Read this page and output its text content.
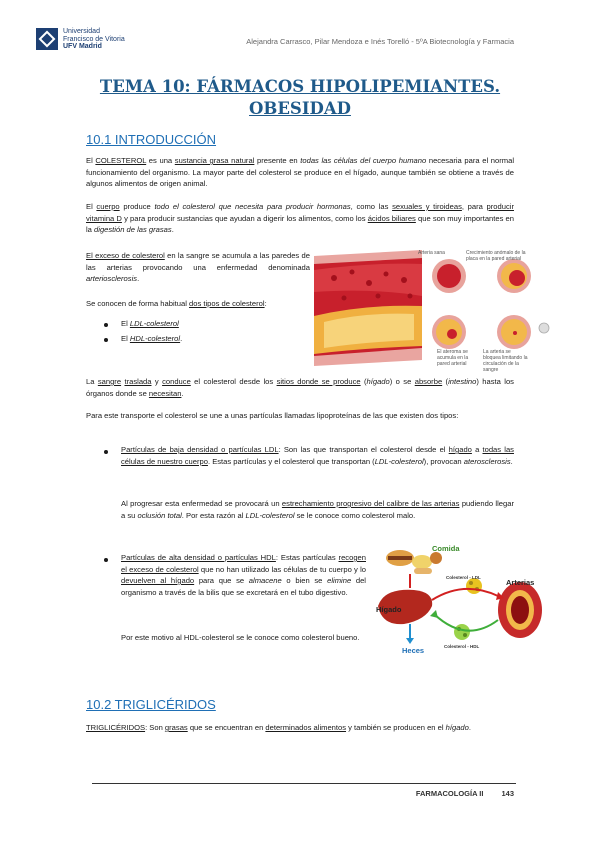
Universidad
Francisco de Vitoria
UFV Madrid
Alejandra Carrasco, Pilar Mendoza e Inés Torelló - 5ºA Biotecnología y Farmacia
TEMA 10: FÁRMACOS HIPOLIPEMIANTES.
OBESIDAD
10.1 INTRODUCCIÓN
El COLESTEROL es una sustancia grasa natural presente en todas las células del cuerpo humano necesaria para el normal funcionamiento del organismo. La mayor parte del colesterol se produce en el hígado, aunque también se obtiene a través de algunos alimentos de origen animal.
El cuerpo produce todo el colesterol que necesita para producir hormonas, como las sexuales y tiroideas, para producir vitamina D y para producir sustancias que ayudan a digerir los alimentos, como los ácidos biliares que son muy importantes en la digestión de las grasas.
El exceso de colesterol en la sangre se acumula a las paredes de las arterias provocando una enfermedad denominada arteriosclerosis.
Se conocen de forma habitual dos tipos de colesterol:
El LDL-colesterol
El HDL-colesterol.
Arteria sana	Crecimiento anómalo de la placa en la pared arterial
El ateroma se acumula en la pared arterial
La arteria se bloquea limitando la circulación de la sangre
La sangre traslada y conduce el colesterol desde los sitios donde se produce (hígado) o se absorbe (intestino) hasta los órganos donde se necesitan.
Para este transporte el colesterol se une a unas partículas llamadas lipoproteínas de las que existen dos tipos:
Partículas de baja densidad o partículas LDL: Son las que transportan el colesterol desde el hígado a todas las células de nuestro cuerpo. Estas partículas y el colesterol que transportan (LDL-colesterol), provocan aterosclerosis.
Al progresar esta enfermedad se provocará un estrechamiento progresivo del calibre de las arterias pudiendo llegar a su oclusión total. Por esta razón al LDL-colesterol se le conoce como colesterol malo.
Partículas de alta densidad o partículas HDL: Estas partículas recogen el exceso de colesterol que no han utilizado las células de tu cuerpo y lo devuelven al hígado para que se almacene o bien se elimine del organismo a través de la bilis que se excretará en el tubo digestivo.
Por este motivo al HDL-colesterol se le conoce como colesterol bueno.
Comida
Arterias
Hígado
Heces
Colesterol - LDL
Colesterol - HDL
10.2 TRIGLICÉRIDOS
TRIGLICÉRIDOS: Son grasas que se encuentran en determinados alimentos y también se producen en el hígado.
FARMACOLOGÍA II 143
